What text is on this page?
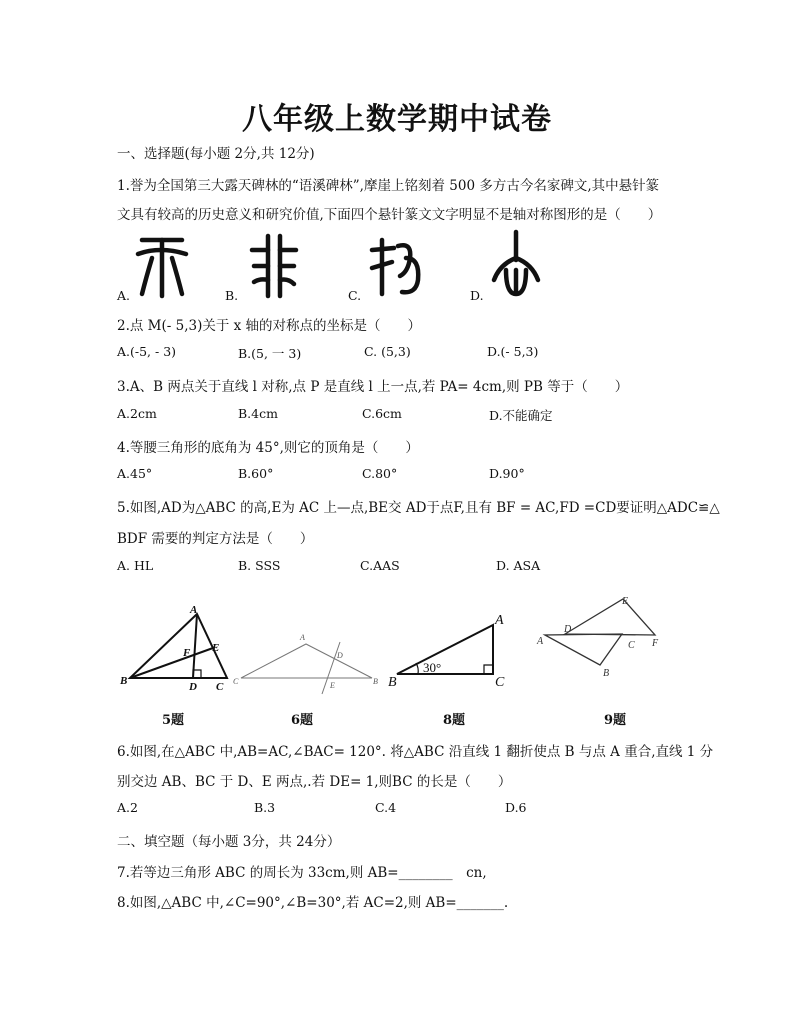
八年级上数学期中试卷
一、选择题(每小题 2分,共 12分)
1.誉为全国第三大露天碑林的“语溪碑林”,摩崖上铭刻着 500 多方古今名家碑文,其中悬针篆
文具有较高的历史意义和研究价值,下面四个悬针篆文文字明显不是轴对称图形的是（　　）
A.	B.	C.	D.
2.点 M(- 5,3)关于 x 轴的对称点的坐标是（　　）
A.(-5, - 3)	B.(5, 一 3)	C. (5,3)	D.(- 5,3)
3.A、B 两点关于直线 l 对称,点 P 是直线 l 上一点,若 PA= 4cm,则 PB 等于（　　）
A.2cm	B.4cm	C.6cm	D.不能确定
4.等腰三角形的底角为 45°,则它的顶角是（　　）
A.45°	B.60°	C.80°	D.90°
5.如图,AD为△ABC 的高,E为 AC 上—点,BE交 AD于点F,且有 BF = AC,FD =CD要证明△ADC≌△
BDF 需要的判定方法是（　　）
A. HL	B. SSS	C.AAS	D. ASA
A
B	C
D
E
F
A
B
C
D
E
A
B	C
30°
A
B
C
D
E
F
5题	6题	8题	9题
6.如图,在△ABC 中,AB=AC,∠BAC= 120°. 将△ABC 沿直线 1 翻折使点 B 与点 A 重合,直线 1 分
别交边 AB、BC 于 D、E 两点,.若 DE= 1,则BC 的长是（　　）
A.2	B.3	C.4	D.6
二、填空题（每小题 3分，共 24分）
7.若等边三角形 ABC 的周长为 33cm,则 AB=________　cn,
8.如图,△ABC 中,∠C=90°,∠B=30°,若 AC=2,则 AB=_______.
